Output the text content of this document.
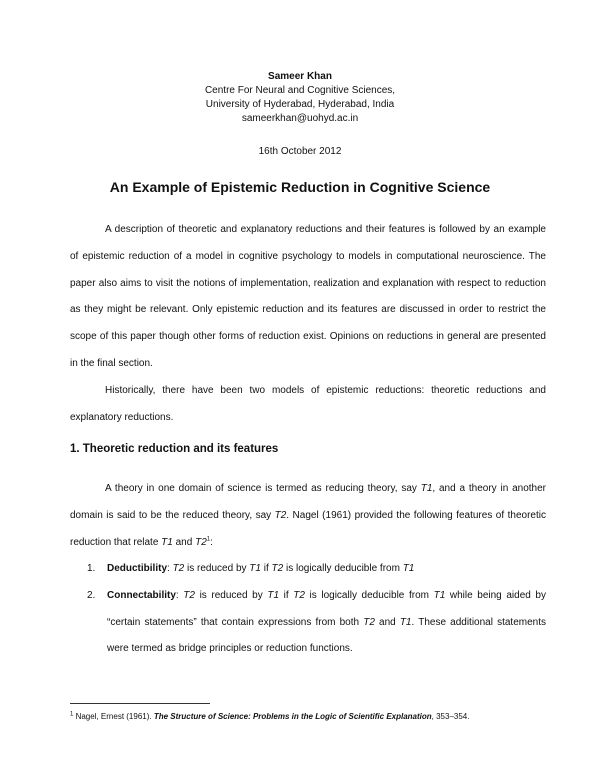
Sameer Khan
Centre For Neural and Cognitive Sciences,
University of Hyderabad, Hyderabad, India
sameerkhan@uohyd.ac.in
16th October 2012
An Example of Epistemic Reduction in Cognitive Science

A description of theoretic and explanatory reductions and their features is followed by an example of epistemic reduction of a model in cognitive psychology to models in computational neuroscience. The paper also aims to visit the notions of implementation, realization and explanation with respect to reduction as they might be relevant. Only epistemic reduction and its features are discussed in order to restrict the scope of this paper though other forms of reduction exist. Opinions on reductions in general are presented in the final section.

Historically, there have been two models of epistemic reductions: theoretic reductions and explanatory reductions.

1. Theoretic reduction and its features

A theory in one domain of science is termed as reducing theory, say T1, and a theory in another domain is said to be the reduced theory, say T2. Nagel (1961) provided the following features of theoretic reduction that relate T1 and $T2^1$:

1. Deductibility: T2 is reduced by T1 if T2 is logically deducible from T1
2. Connectability: T2 is reduced by T1 if T2 is logically deducible from T1 while being aided by “certain statements” that contain expressions from both T2 and T1. These additional statements were termed as bridge principles or reduction functions.
$^1$ Nagel, Ernest (1961). The Structure of Science: Problems in the Logic of Scientific Explanation, 353–354.
